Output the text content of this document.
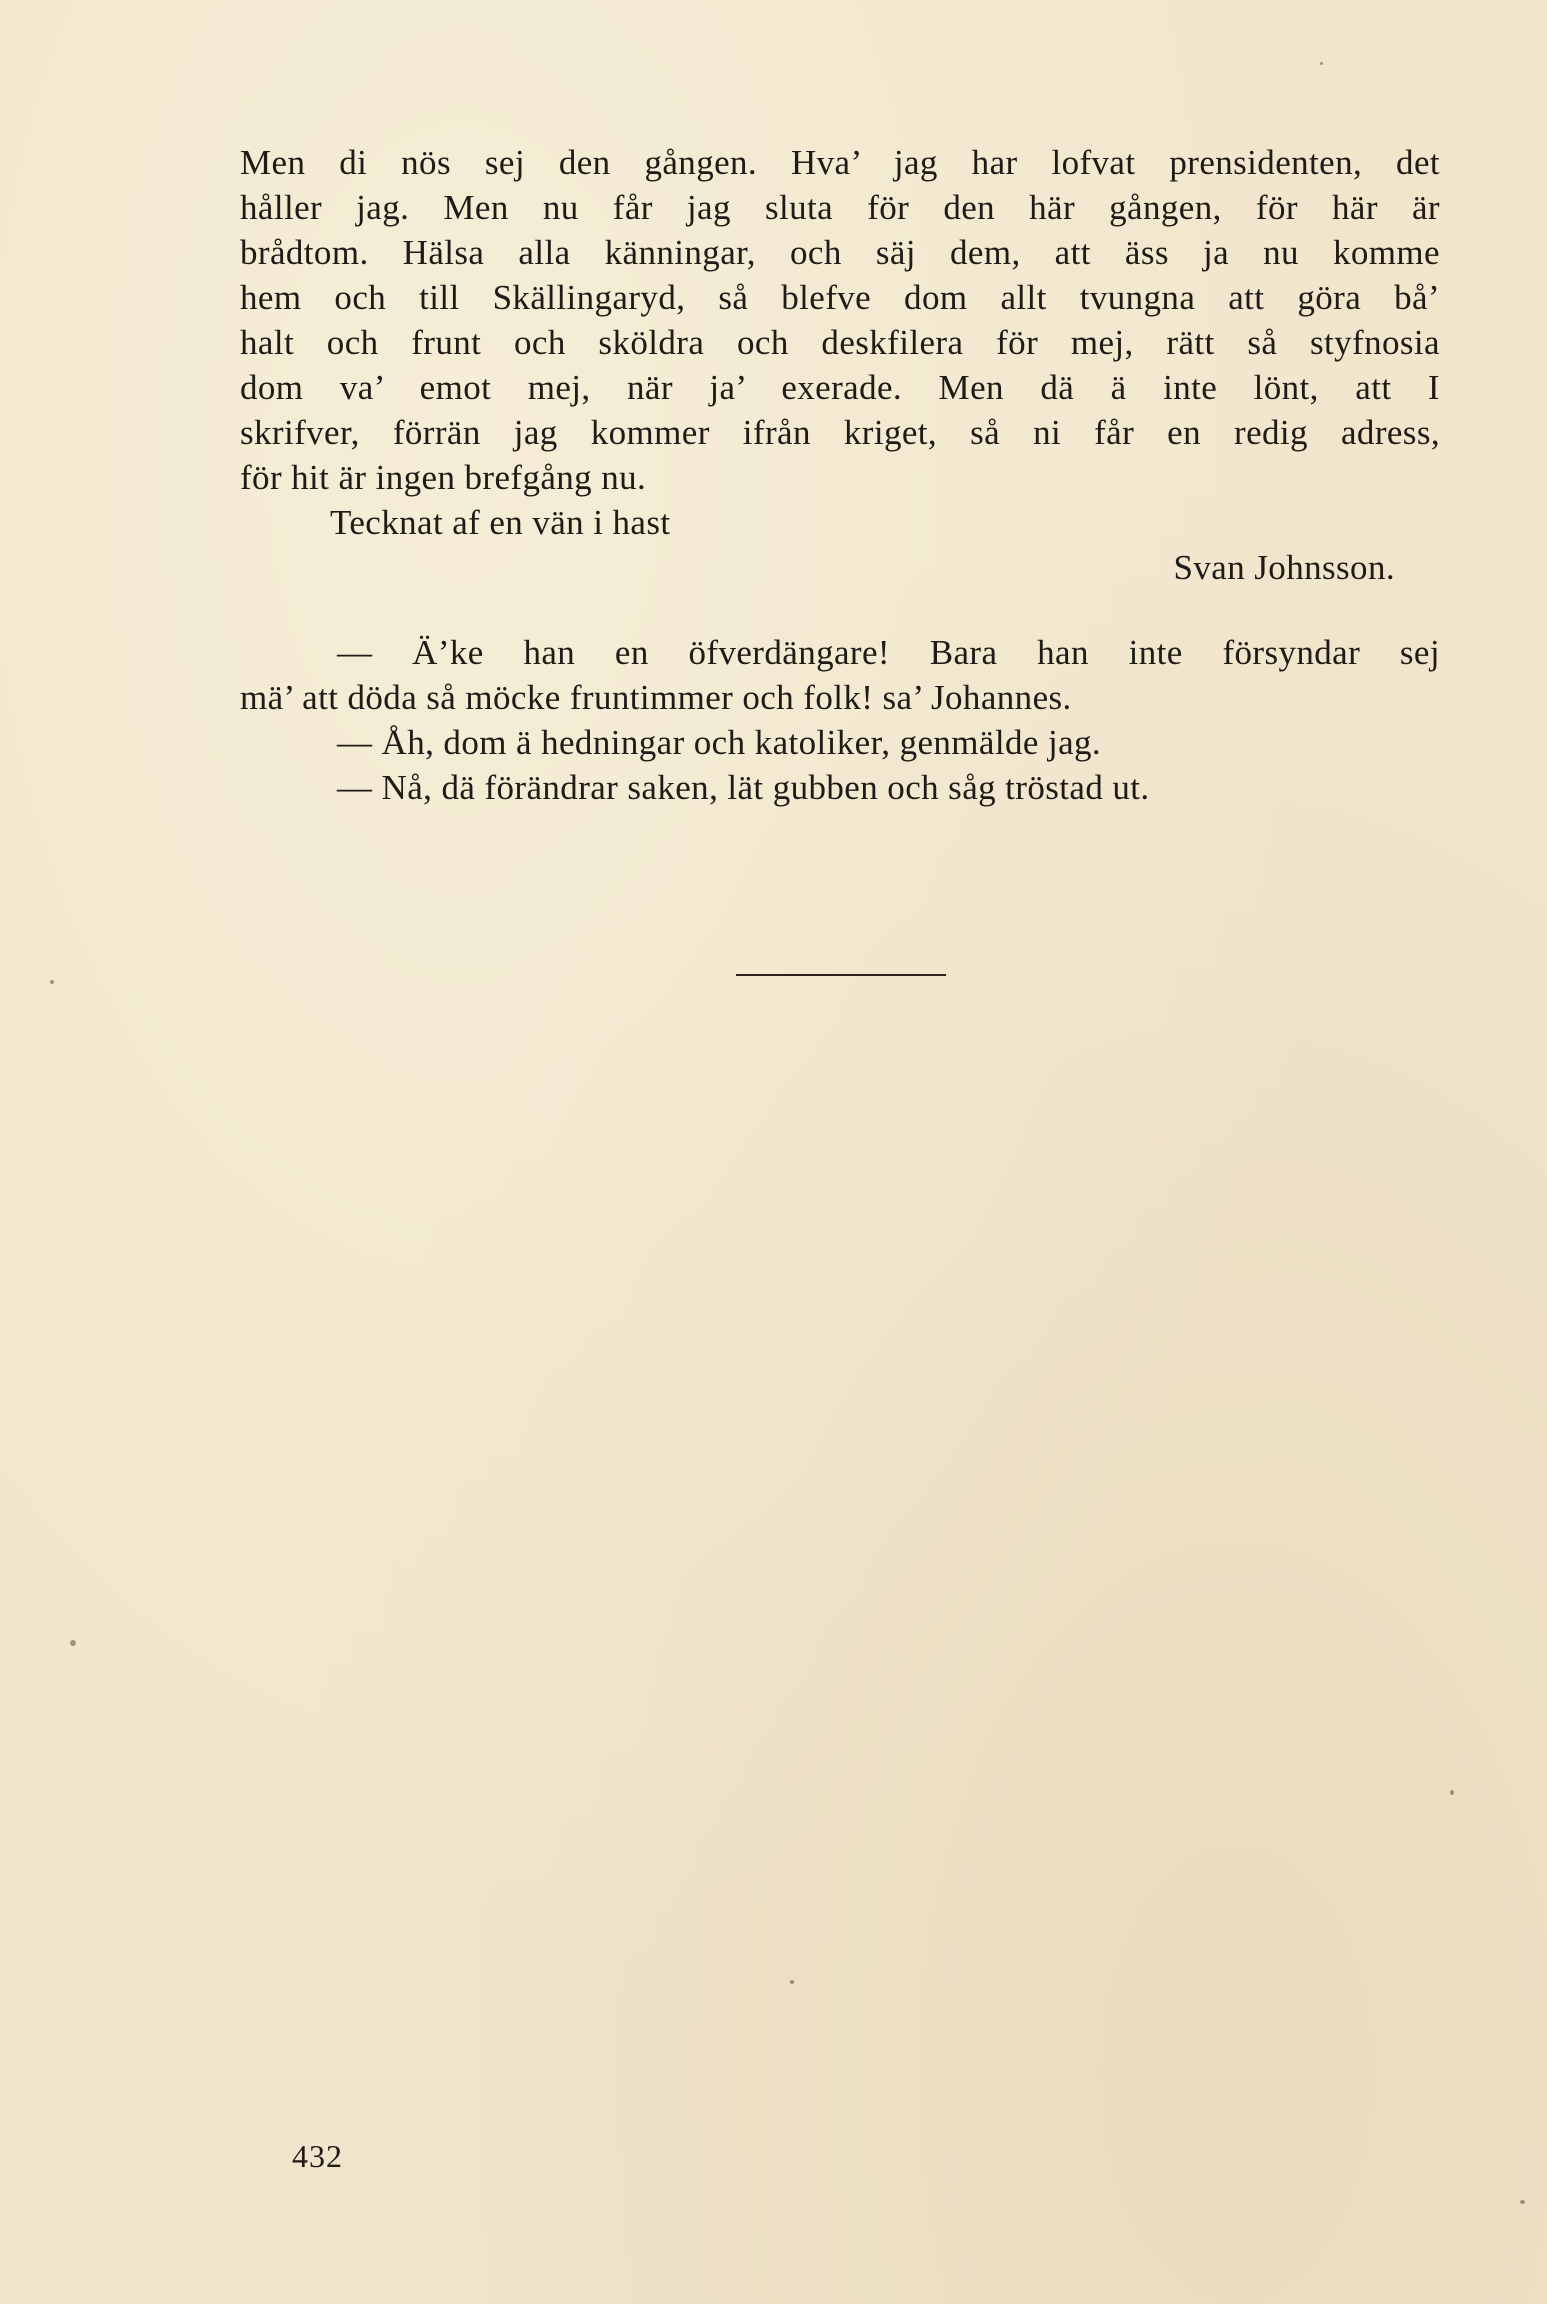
Men di nös sej den gången. Hva’ jag har lofvat prensidenten, det
håller jag. Men nu får jag sluta för den här gången, för här är
brådtom. Hälsa alla känningar, och säj dem, att äss ja nu komme
hem och till Skällingaryd, så blefve dom allt tvungna att göra bå’
halt och frunt och sköldra och deskfilera för mej, rätt så styfnosia
dom va’ emot mej, när ja’ exerade. Men dä ä inte lönt, att I
skrifver, förrän jag kommer ifrån kriget, så ni får en redig adress,
för hit är ingen brefgång nu.
Tecknat af en vän i hast
Svan Johnsson.
— Ä’ke han en öfverdängare! Bara han inte försyndar sej
mä’ att döda så möcke fruntimmer och folk! sa’ Johannes.
— Åh, dom ä hedningar och katoliker, genmälde jag.
— Nå, dä förändrar saken, lät gubben och såg tröstad ut.
432
